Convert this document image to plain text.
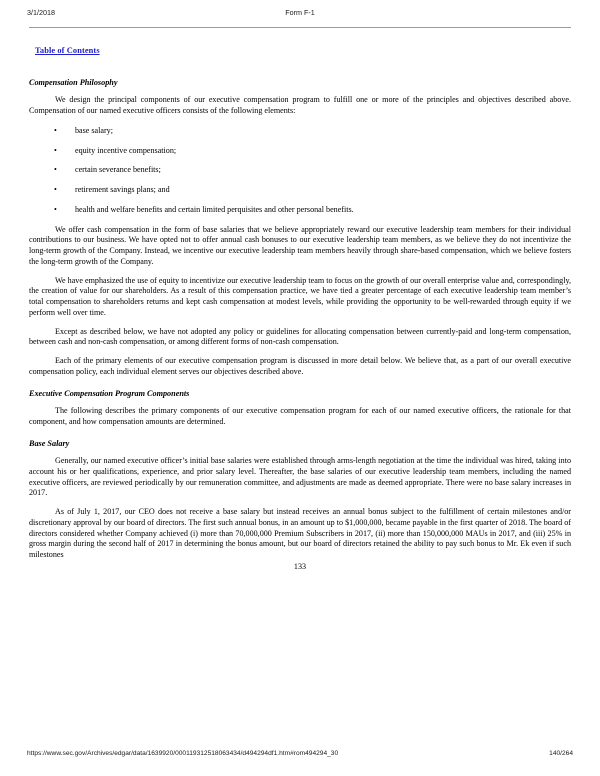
3/1/2018	Form F-1
Table of Contents
Compensation Philosophy

We design the principal components of our executive compensation program to fulfill one or more of the principles and objectives described above. Compensation of our named executive officers consists of the following elements:

• base salary;
• equity incentive compensation;
• certain severance benefits;
• retirement savings plans; and
• health and welfare benefits and certain limited perquisites and other personal benefits.

We offer cash compensation in the form of base salaries that we believe appropriately reward our executive leadership team members for their individual contributions to our business. We have opted not to offer annual cash bonuses to our executive leadership team members, as we believe they do not incentivize the long-term growth of the Company. Instead, we incentive our executive leadership team members heavily through share-based compensation, which we believe fosters the long-term growth of the Company.

We have emphasized the use of equity to incentivize our executive leadership team to focus on the growth of our overall enterprise value and, correspondingly, the creation of value for our shareholders. As a result of this compensation practice, we have tied a greater percentage of each executive leadership team member’s total compensation to shareholders returns and kept cash compensation at modest levels, while providing the opportunity to be well-rewarded through equity if we perform well over time.

Except as described below, we have not adopted any policy or guidelines for allocating compensation between currently-paid and long-term compensation, between cash and non-cash compensation, or among different forms of non-cash compensation.

Each of the primary elements of our executive compensation program is discussed in more detail below. We believe that, as a part of our overall executive compensation policy, each individual element serves our objectives described above.

Executive Compensation Program Components

The following describes the primary components of our executive compensation program for each of our named executive officers, the rationale for that component, and how compensation amounts are determined.

Base Salary

Generally, our named executive officer’s initial base salaries were established through arms-length negotiation at the time the individual was hired, taking into account his or her qualifications, experience, and prior salary level. Thereafter, the base salaries of our executive leadership team members, including the named executive officers, are reviewed periodically by our remuneration committee, and adjustments are made as deemed appropriate. There were no base salary increases in 2017.

As of July 1, 2017, our CEO does not receive a base salary but instead receives an annual bonus subject to the fulfillment of certain milestones and/or discretionary approval by our board of directors. The first such annual bonus, in an amount up to $1,000,000, became payable in the first quarter of 2018. The board of directors considered whether Company achieved (i) more than 70,000,000 Premium Subscribers in 2017, (ii) more than 150,000,000 MAUs in 2017, and (iii) 25% in gross margin during the second half of 2017 in determining the bonus amount, but our board of directors retained the ability to pay such bonus to Mr. Ek even if such milestones

133
https://www.sec.gov/Archives/edgar/data/1639920/000119312518063434/d494294df1.htm#rom494294_30	140/264
